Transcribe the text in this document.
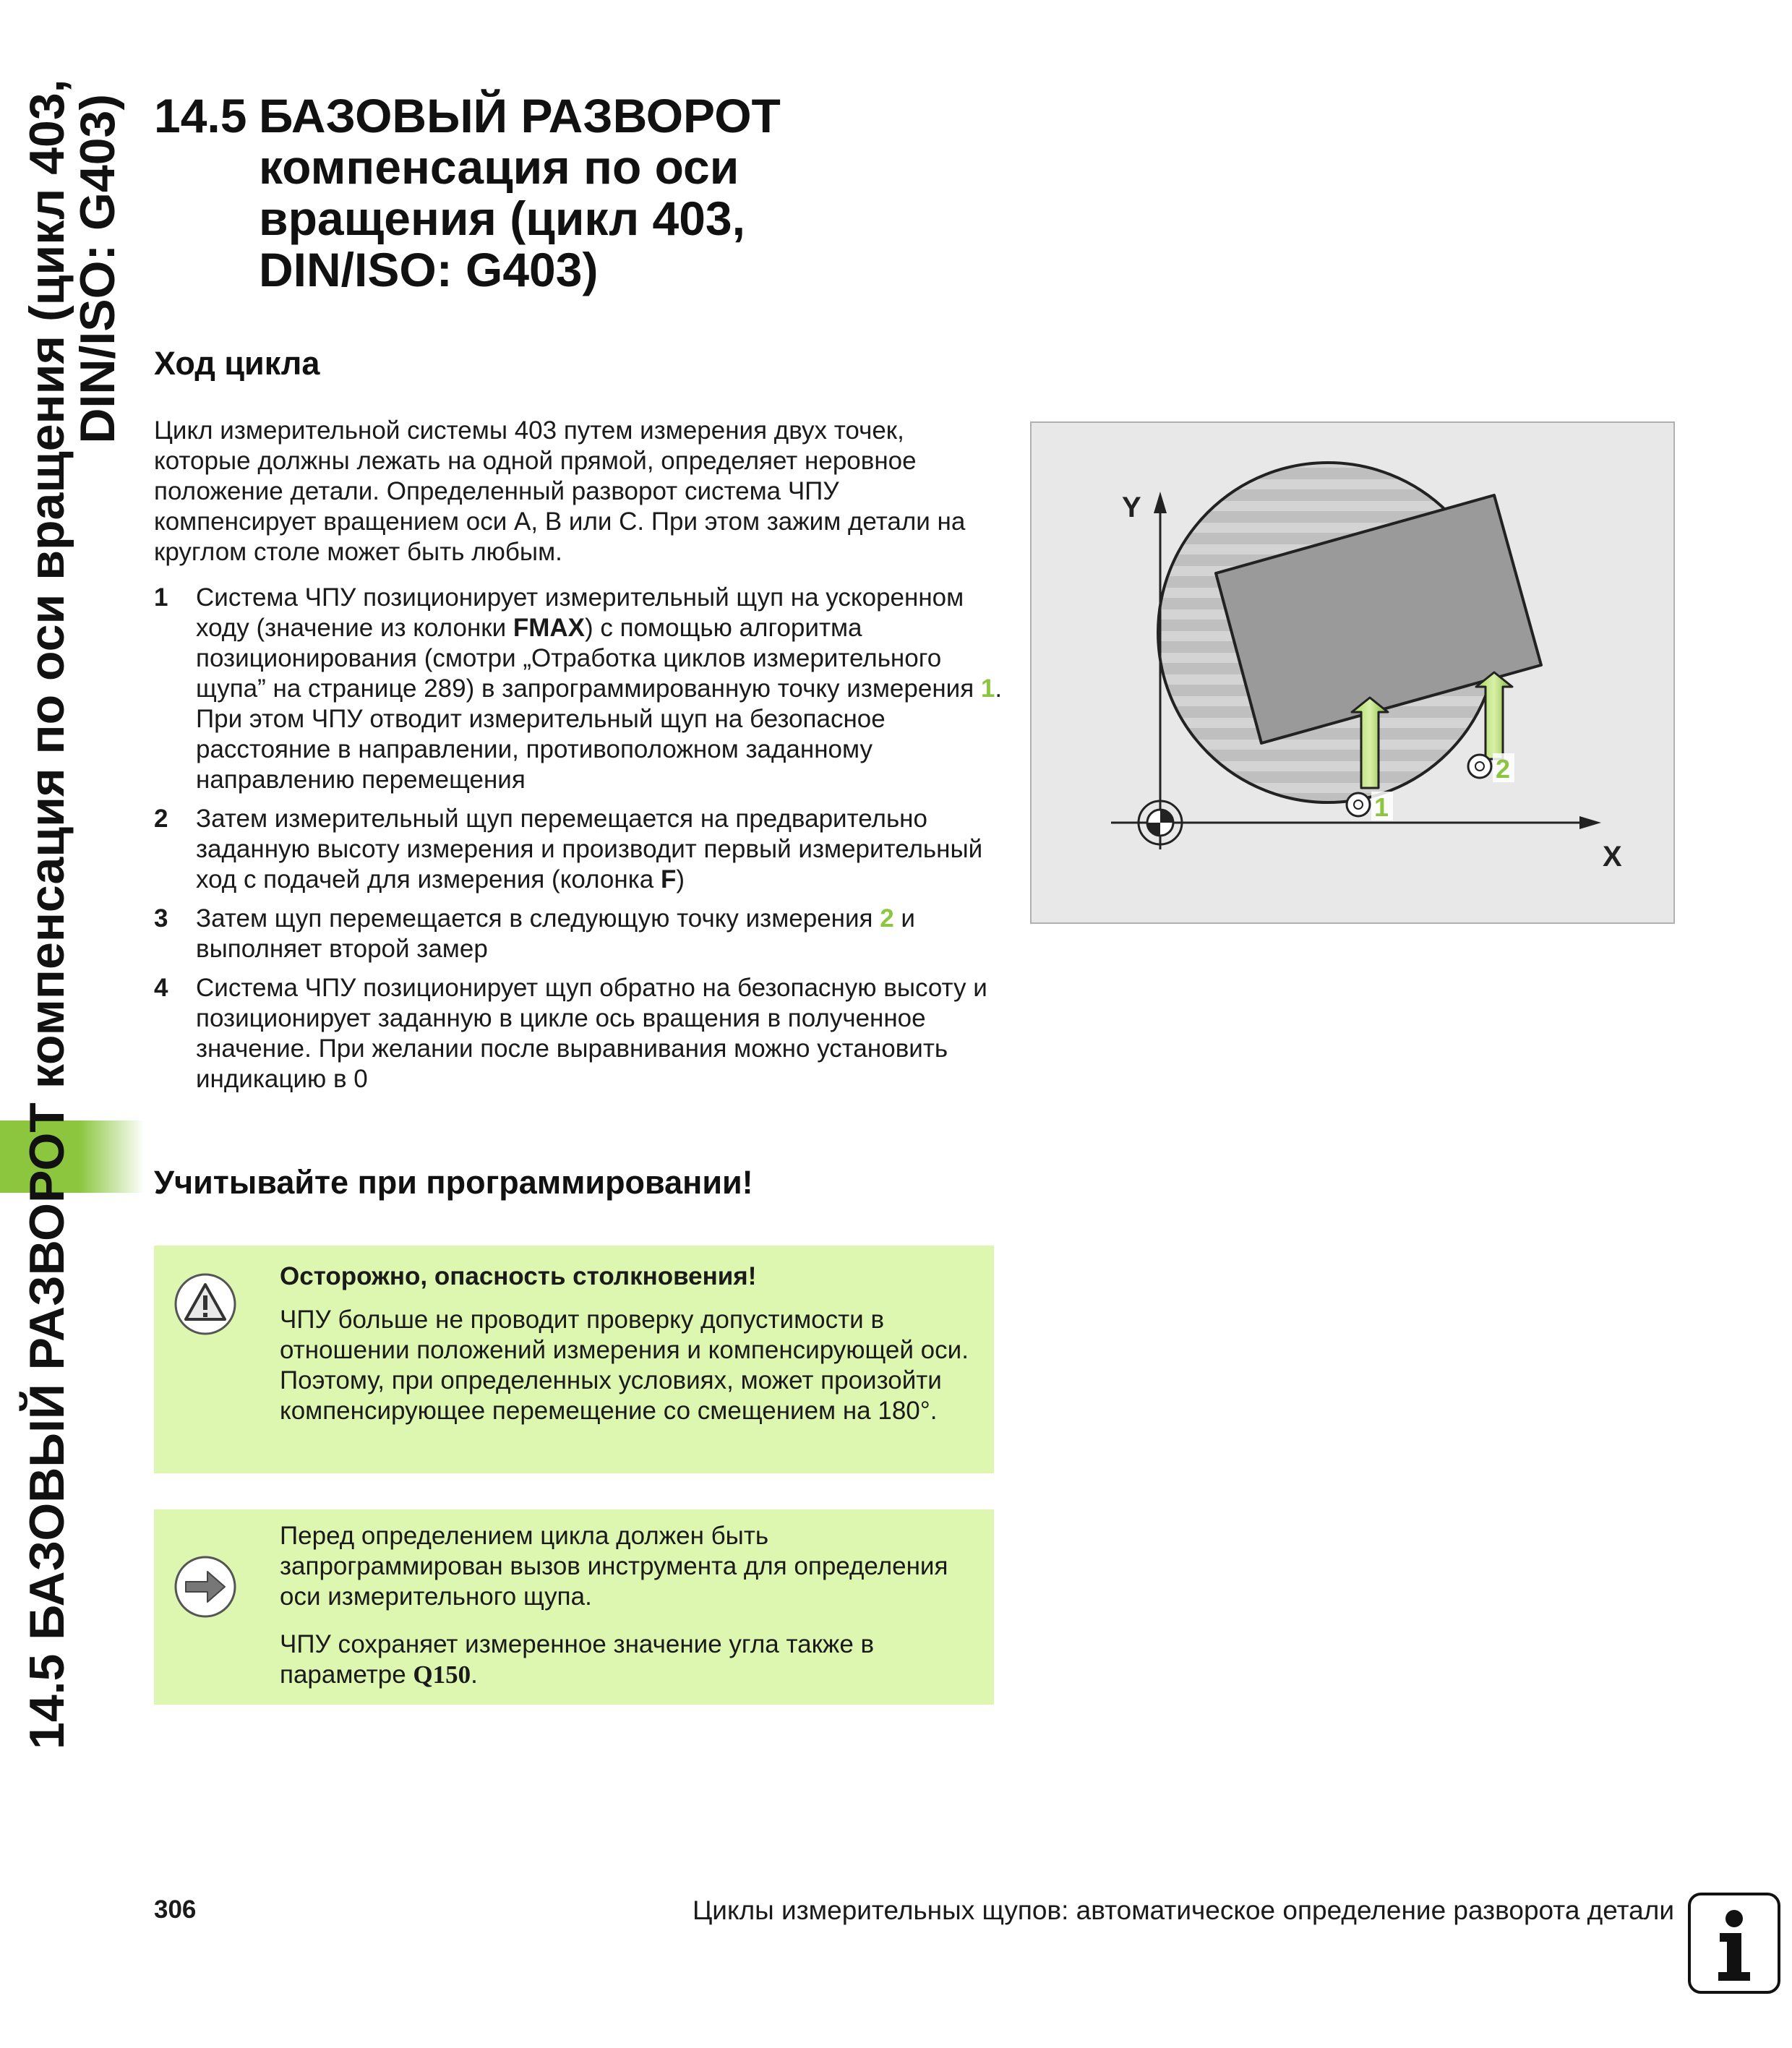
14.5 БАЗОВЫЙ РАЗВОРОТ компенсация по оси вращения (цикл 403,
DIN/ISO: G403) 14.5 БАЗОВЫЙ РАЗВОРОТ
компенсация по оси
вращения (цикл 403,
DIN/ISO: G403)
Ход цикла
Цикл измерительной системы 403 путем измерения двух точек, которые должны лежать на одной прямой, определяет неровное положение детали. Определенный разворот система ЧПУ компенсирует вращением оси A, B или C. При этом зажим детали на круглом столе может быть любым.
1 Система ЧПУ позиционирует измерительный щуп на ускоренном ходу (значение из колонки FMAX) с помощью алгоритма позиционирования (смотри „Отработка циклов измерительного щупа” на странице 289) в запрограммированную точку измерения 1. При этом ЧПУ отводит измерительный щуп на безопасное расстояние в направлении, противоположном заданному направлению перемещения
2 Затем измерительный щуп перемещается на предварительно заданную высоту измерения и производит первый измерительный ход с подачей для измерения (колонка F)
3 Затем щуп перемещается в следующую точку измерения 2 и выполняет второй замер
4 Система ЧПУ позиционирует щуп обратно на безопасную высоту и позиционирует заданную в цикле ось вращения в полученное значение. При желании после выравнивания можно установить индикацию в 0
Учитывайте при программировании!

Осторожно, опасность столкновения!

ЧПУ больше не проводит проверку допустимости в отношении положений измерения и компенсирующей оси. Поэтому, при определенных условиях, может произойти компенсирующее перемещение со смещением на 180°.

Перед определением цикла должен быть запрограммирован вызов инструмента для определения оси измерительного щупа.

ЧПУ сохраняет измеренное значение угла также в параметре Q150.

Y
X
1
2
306	Циклы измерительных щупов: автоматическое определение разворота детали
